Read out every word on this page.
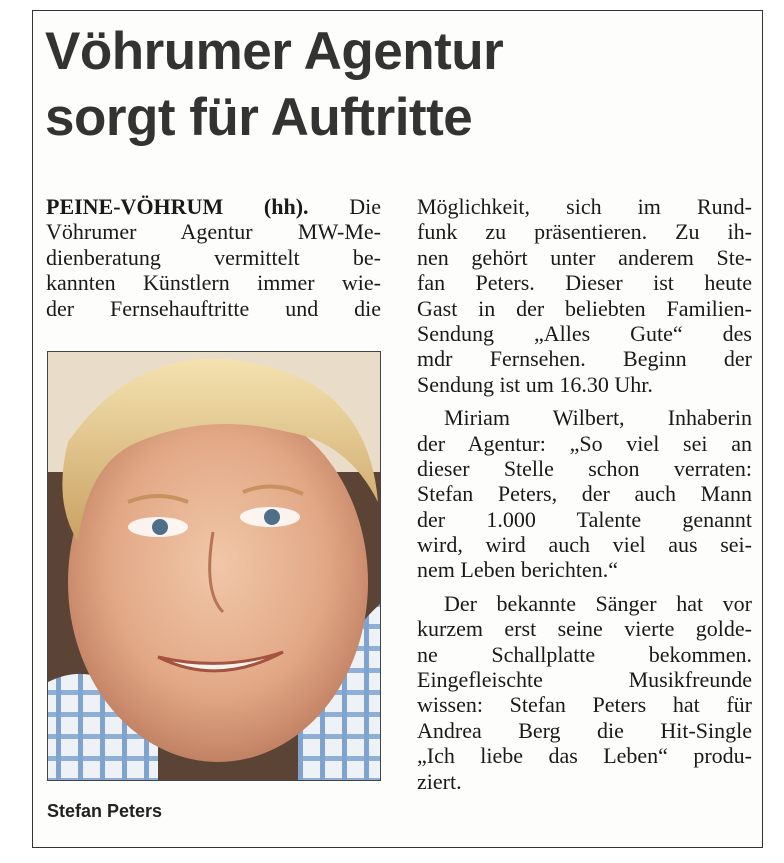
Vöhrumer Agentur
sorgt für Auftritte
PEINE-VÖHRUM (hh). Die
Vöhrumer Agentur MW-Me-
dienberatung vermittelt be-
kannten Künstlern immer wie-
der Fernsehauftritte und die

Stefan Peters

Möglichkeit, sich im Rund-
funk zu präsentieren. Zu ih-
nen gehört unter anderem Ste-
fan Peters. Dieser ist heute
Gast in der beliebten Familien-
Sendung „Alles Gute“ des
mdr Fernsehen. Beginn der
Sendung ist um 16.30 Uhr.
Miriam Wilbert, Inhaberin
der Agentur: „So viel sei an
dieser Stelle schon verraten:
Stefan Peters, der auch Mann
der 1.000 Talente genannt
wird, wird auch viel aus sei-
nem Leben berichten.“
Der bekannte Sänger hat vor
kurzem erst seine vierte golde-
ne Schallplatte bekommen.
Eingefleischte Musikfreunde
wissen: Stefan Peters hat für
Andrea Berg die Hit-Single
„Ich liebe das Leben“ produ-
ziert.
